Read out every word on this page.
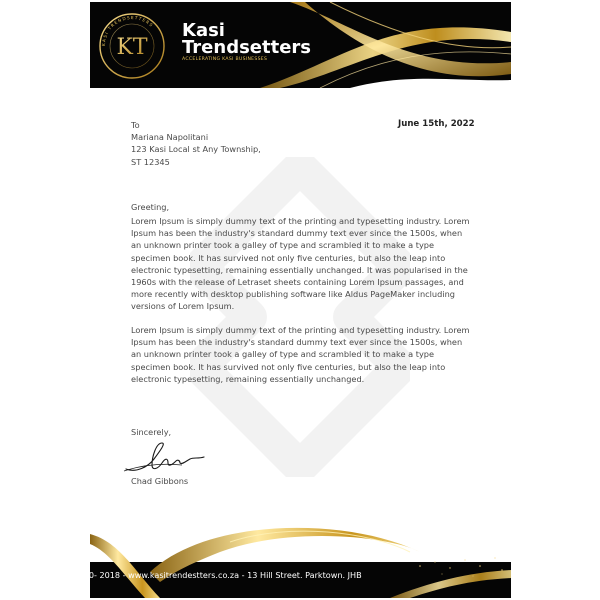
KASI TRENDSETTERS
KT
Kasi
Trendsetters
ACCELERATING KASI BUSINESSES
June 15th, 2022
To
Mariana Napolitani
123 Kasi Local st Any Township,
ST 12345
Greeting,
Lorem Ipsum is simply dummy text of the printing and typesetting industry. Lorem Ipsum has been the industry's standard dummy text ever since the 1500s, when an unknown printer took a galley of type and scrambled it to make a type specimen book. It has survived not only five centuries, but also the leap into electronic typesetting, remaining essentially unchanged. It was popularised in the 1960s with the release of Letraset sheets containing Lorem Ipsum passages, and more recently with desktop publishing software like Aldus PageMaker including versions of Lorem Ipsum.
Lorem Ipsum is simply dummy text of the printing and typesetting industry. Lorem Ipsum has been the industry's standard dummy text ever since the 1500s, when an unknown printer took a galley of type and scrambled it to make a type specimen book. It has survived not only five centuries, but also the leap into electronic typesetting, remaining essentially unchanged.
Sincerely,
Chad Gibbons
+27 87 550- 2018 - www.kasitrendestters.co.za - 13 Hill Street. Parktown. JHB
